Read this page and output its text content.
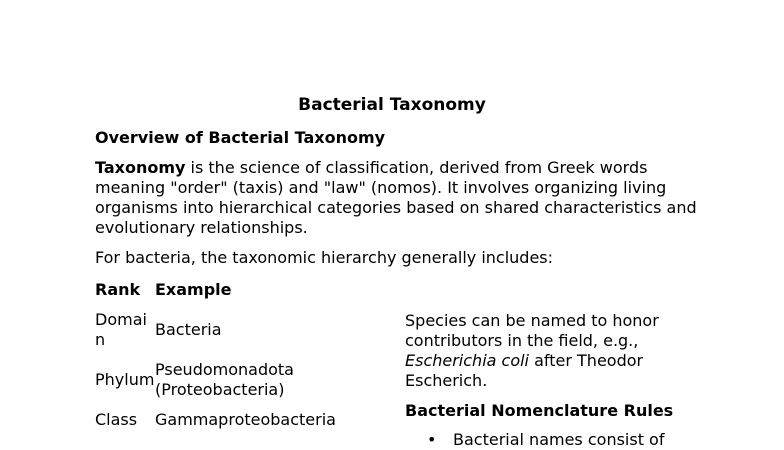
Bacterial Taxonomy
Overview of Bacterial Taxonomy

Taxonomy is the science of classification, derived from Greek words meaning "order" (taxis) and "law" (nomos). It involves organizing living organisms into hierarchical categories based on shared characteristics and evolutionary relationships.

For bacteria, the taxonomic hierarchy generally includes:

Rank	Example
Domain	Bacteria
Phylum	Pseudomonadota (Proteobacteria)
Class	Gammaproteobacteria

Species can be named to honor contributors in the field, e.g., Escherichia coli after Theodor Escherich.

Bacterial Nomenclature Rules
• Bacterial names consist of
